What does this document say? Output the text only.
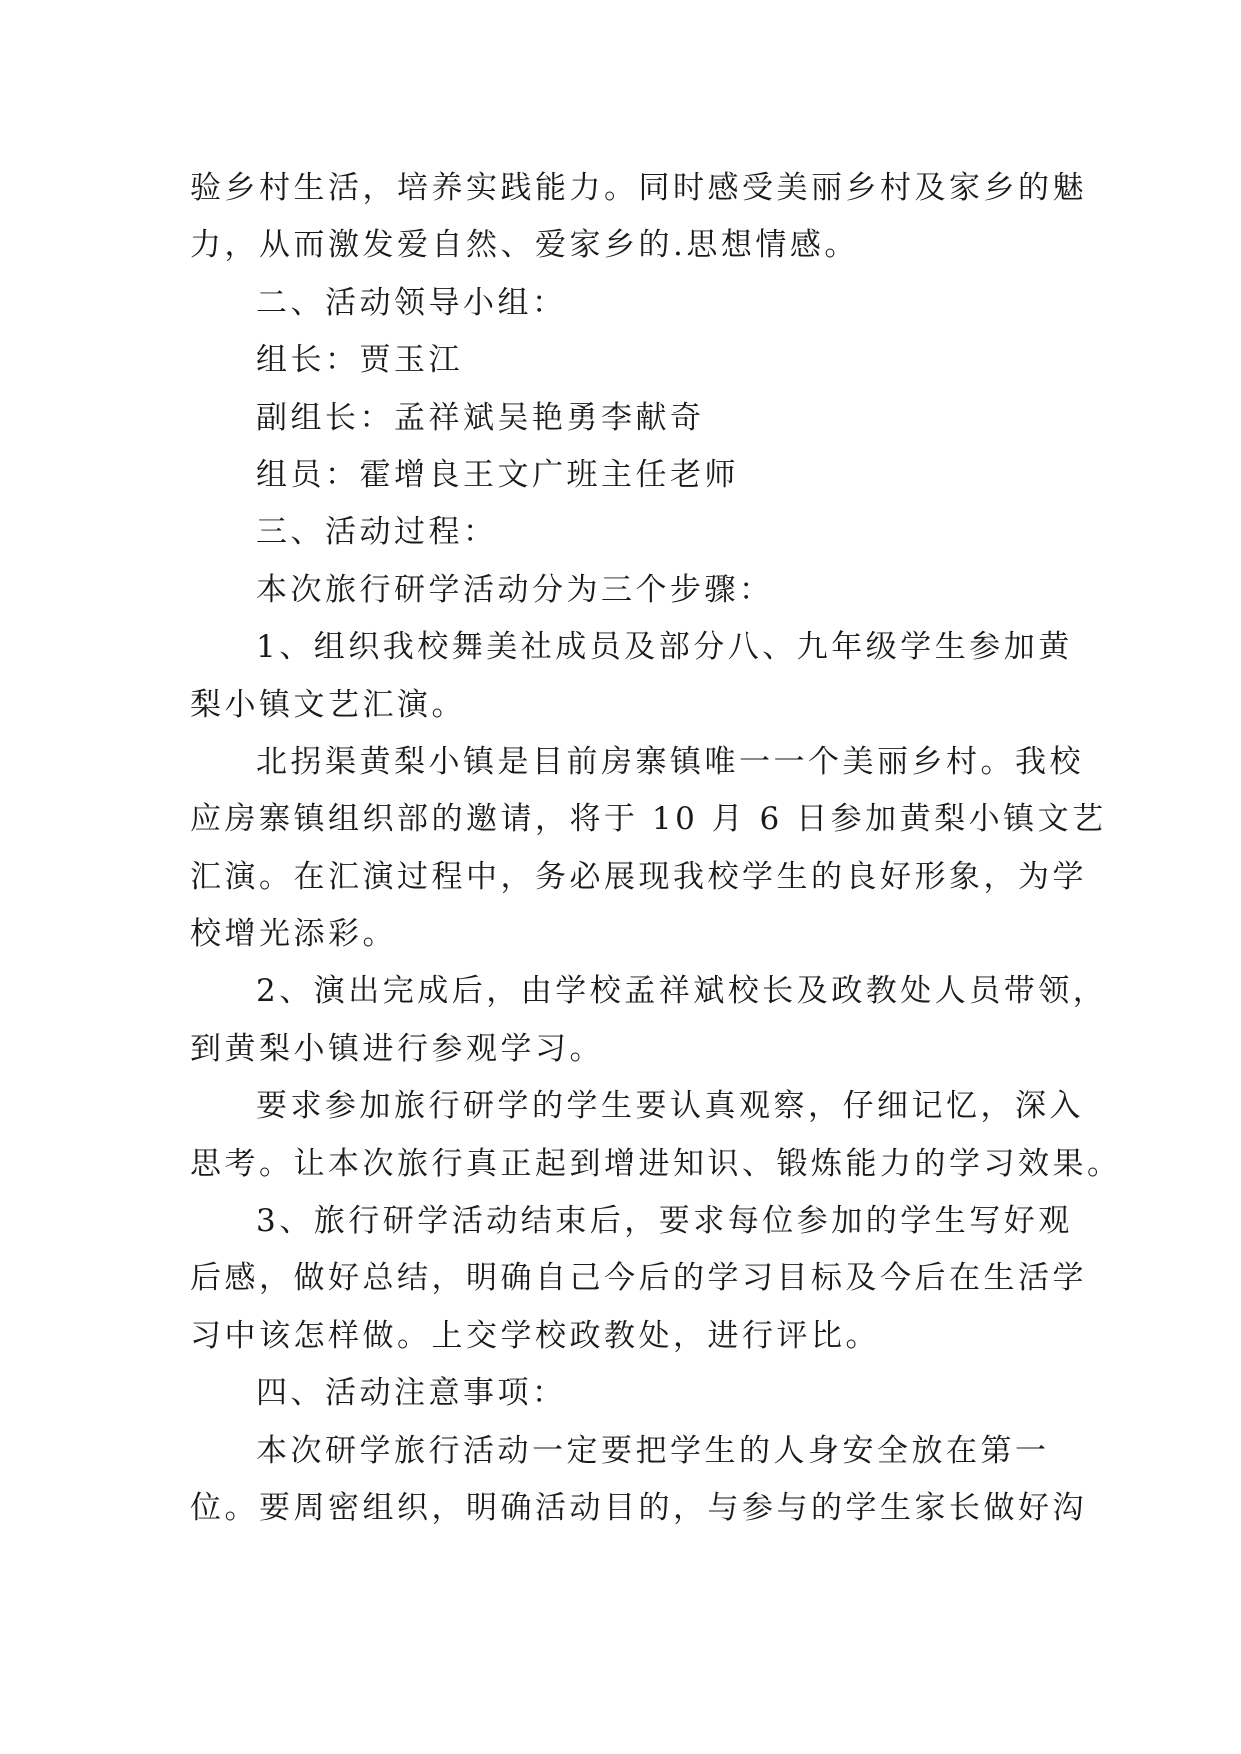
验乡村生活，培养实践能力。同时感受美丽乡村及家乡的魅
力，从而激发爱自然、爱家乡的.思想情感。
二、活动领导小组：
组长：贾玉江
副组长：孟祥斌吴艳勇李献奇
组员：霍增良王文广班主任老师
三、活动过程：
本次旅行研学活动分为三个步骤：
1、组织我校舞美社成员及部分八、九年级学生参加黄
梨小镇文艺汇演。
北拐渠黄梨小镇是目前房寨镇唯一一个美丽乡村。我校
应房寨镇组织部的邀请，将于 10 月 6 日参加黄梨小镇文艺
汇演。在汇演过程中，务必展现我校学生的良好形象，为学
校增光添彩。
2、演出完成后，由学校孟祥斌校长及政教处人员带领，
到黄梨小镇进行参观学习。
要求参加旅行研学的学生要认真观察，仔细记忆，深入
思考。让本次旅行真正起到增进知识、锻炼能力的学习效果。
3、旅行研学活动结束后，要求每位参加的学生写好观
后感，做好总结，明确自己今后的学习目标及今后在生活学
习中该怎样做。上交学校政教处，进行评比。
四、活动注意事项：
本次研学旅行活动一定要把学生的人身安全放在第一
位。要周密组织，明确活动目的，与参与的学生家长做好沟
